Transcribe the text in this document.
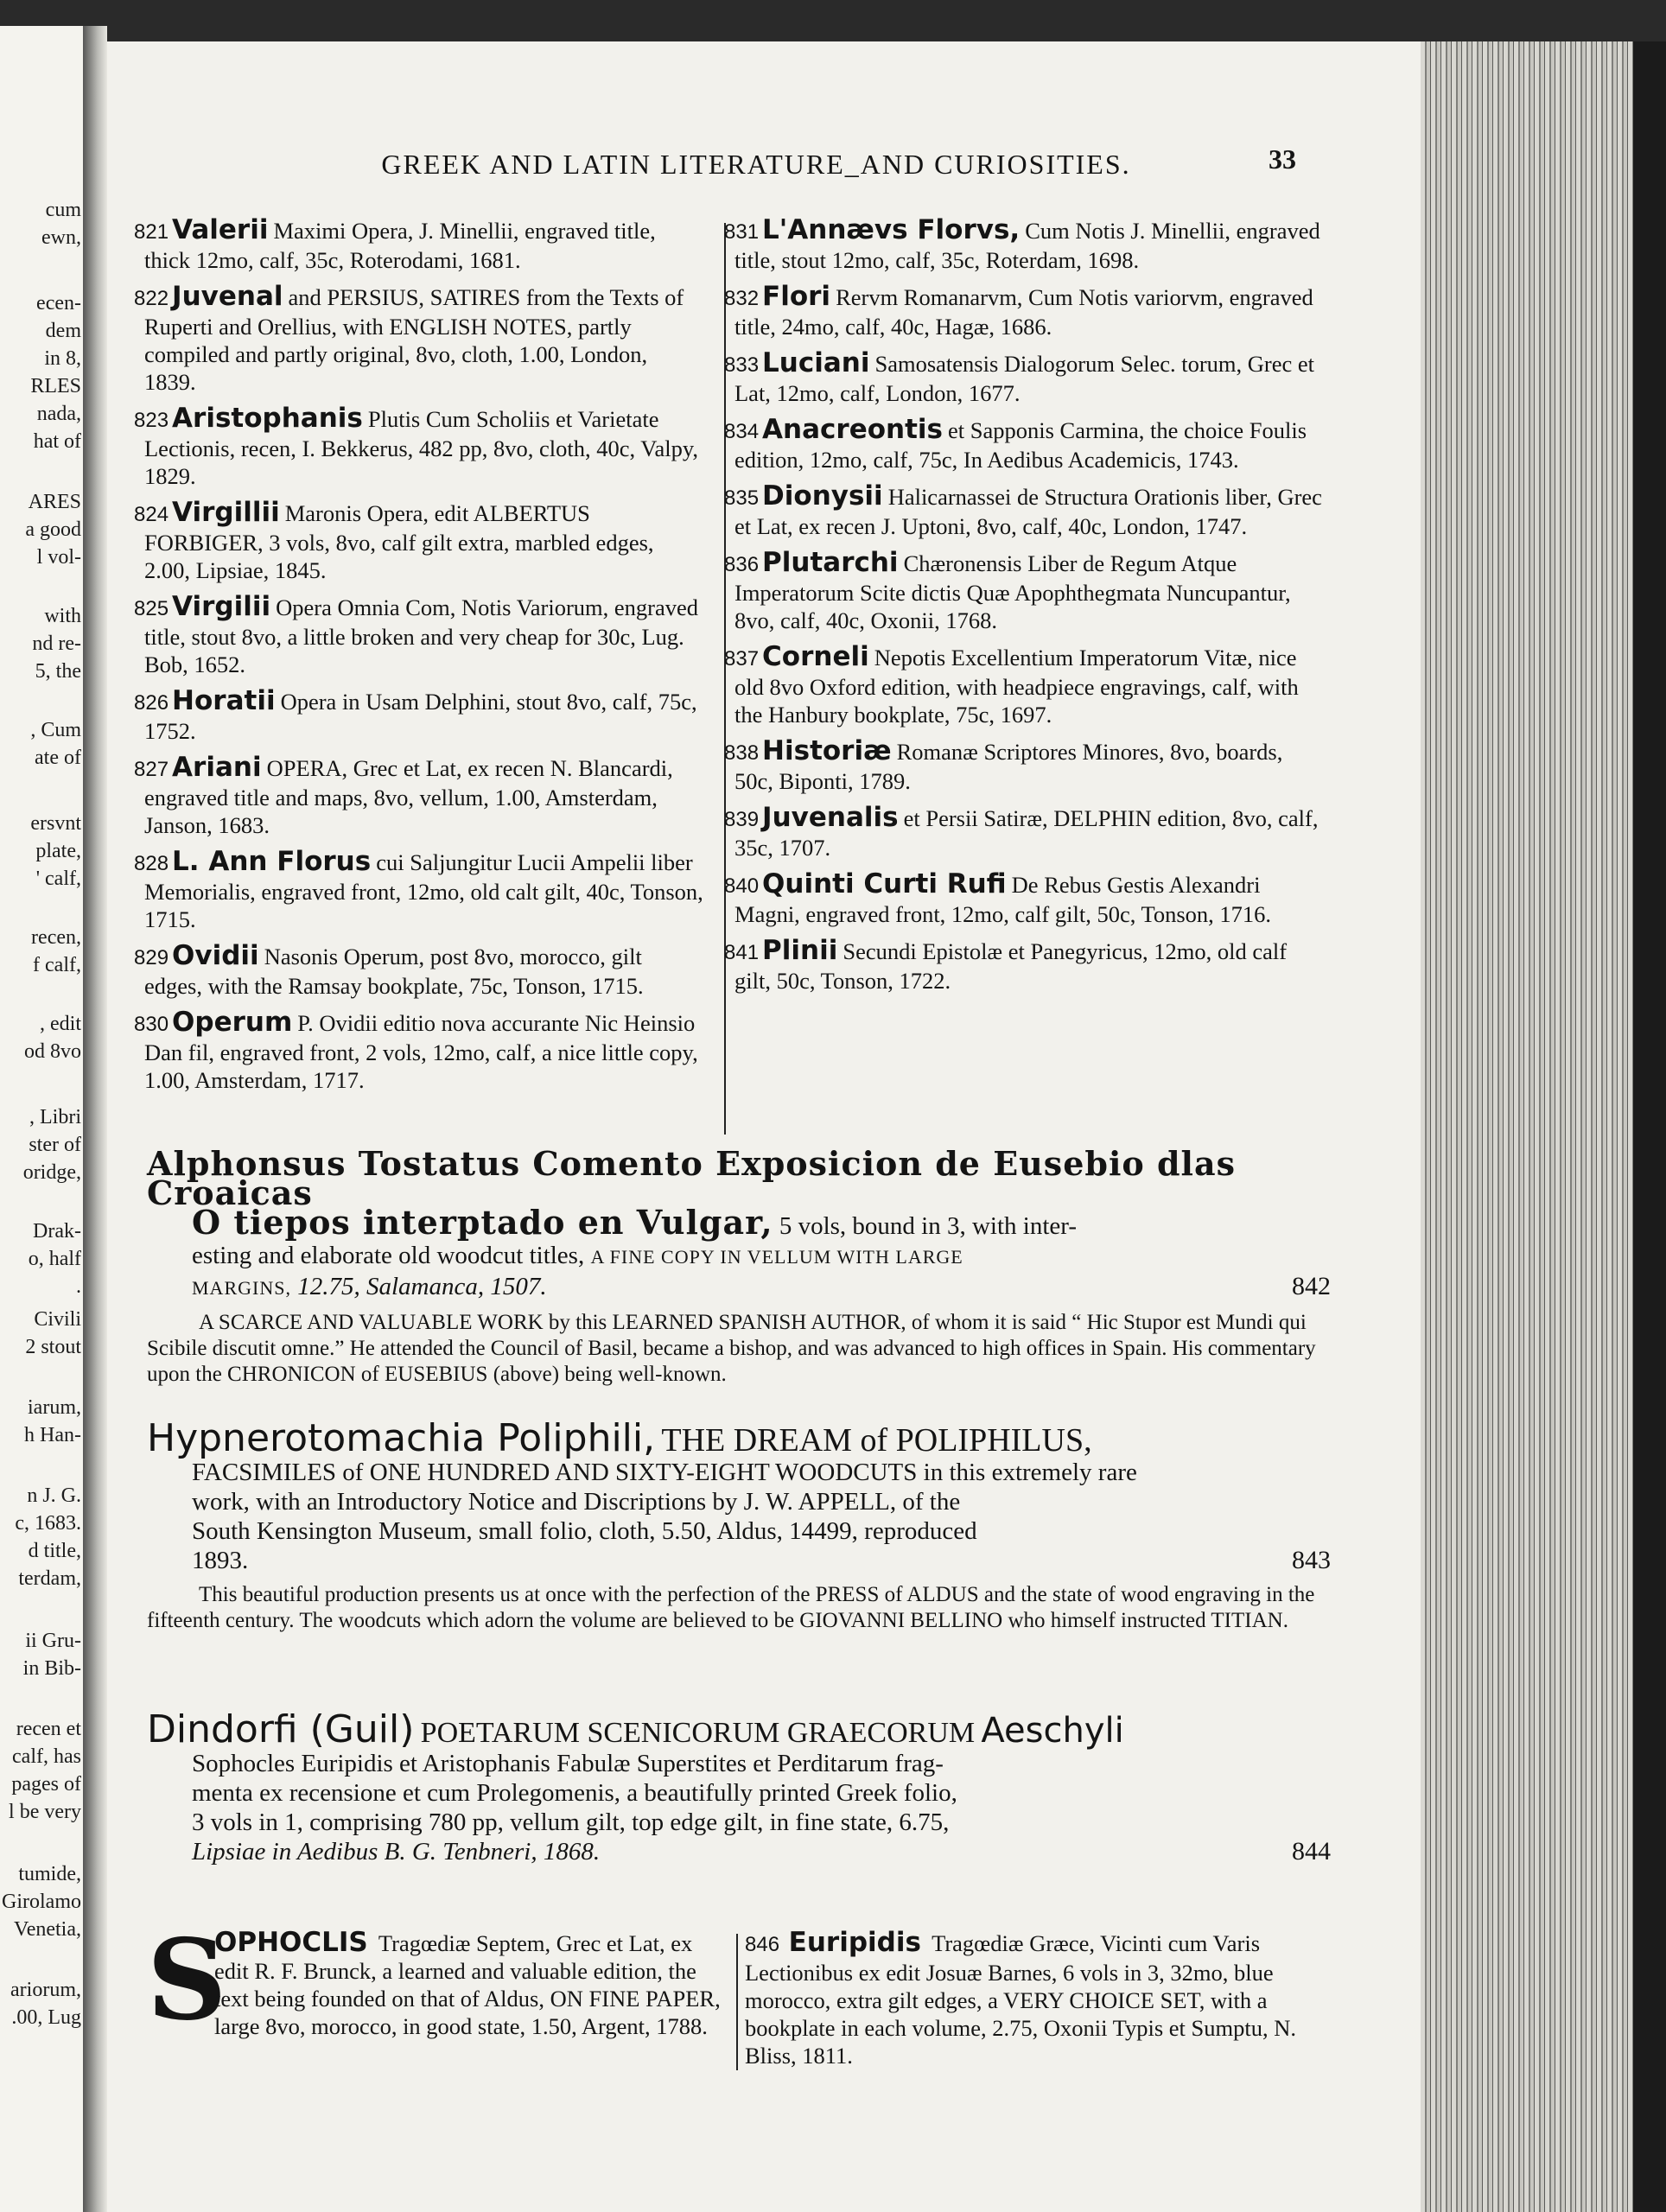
cum
ewn,
ecen-
dem
in 8,
RLES
nada,
hat of
ARES
a good
l vol-
with
nd re-
5, the
, Cum
ate of
ersvnt
plate,
' calf,
recen,
f calf,
, edit
od 8vo
, Libri
ster of
oridge,
Drak-
o, half
.
Civili
2 stout
iarum,
h Han-
n J. G.
c, 1683.
d title,
terdam,
ii Gru-
in Bib-
recen et
calf, has
pages of
l be very
tumide,
Girolamo
Venetia,
ariorum,
.00, Lug
GREEK AND LATIN LITERATURE_AND CURIOSITIES.	33
821 Valerii Maximi Opera, J. Minellii, engraved title, thick 12mo, calf, 35c, Roterodami, 1681.
822 Juvenal and PERSIUS, SATIRES from the Texts of Ruperti and Orellius, with ENGLISH NOTES, partly compiled and partly original, 8vo, cloth, 1.00, London, 1839.
823 Aristophanis Plutis Cum Scholiis et Varietate Lectionis, recen, I. Bekkerus, 482 pp, 8vo, cloth, 40c, Valpy, 1829.
824 Virgillii Maronis Opera, edit ALBERTUS FORBIGER, 3 vols, 8vo, calf gilt extra, marbled edges, 2.00, Lipsiae, 1845.
825 Virgilii Opera Omnia Com, Notis Variorum, engraved title, stout 8vo, a little broken and very cheap for 30c, Lug. Bob, 1652.
826 Horatii Opera in Usam Delphini, stout 8vo, calf, 75c, 1752.
827 Ariani OPERA, Grec et Lat, ex recen N. Blancardi, engraved title and maps, 8vo, vellum, 1.00, Amsterdam, Janson, 1683.
828 L. Ann Florus cui Saljungitur Lucii Ampelii liber Memorialis, engraved front, 12mo, old calt gilt, 40c, Tonson, 1715.
829 Ovidii Nasonis Operum, post 8vo, morocco, gilt edges, with the Ramsay bookplate, 75c, Tonson, 1715.
830 Operum P. Ovidii editio nova accurante Nic Heinsio Dan fil, engraved front, 2 vols, 12mo, calf, a nice little copy, 1.00, Amsterdam, 1717.
831 L'Annævs Florvs, Cum Notis J. Minellii, engraved title, stout 12mo, calf, 35c, Roterdam, 1698.
832 Flori Rervm Romanarvm, Cum Notis variorvm, engraved title, 24mo, calf, 40c, Hagæ, 1686.
833 Luciani Samosatensis Dialogorum Selec. torum, Grec et Lat, 12mo, calf, London, 1677.
834 Anacreontis et Sapponis Carmina, the choice Foulis edition, 12mo, calf, 75c, In Aedibus Academicis, 1743.
835 Dionysii Halicarnassei de Structura Orationis liber, Grec et Lat, ex recen J. Uptoni, 8vo, calf, 40c, London, 1747.
836 Plutarchi Chæronensis Liber de Regum Atque Imperatorum Scite dictis Quæ Apophthegmata Nuncupantur, 8vo, calf, 40c, Oxonii, 1768.
837 Corneli Nepotis Excellentium Imperatorum Vitæ, nice old 8vo Oxford edition, with headpiece engravings, calf, with the Hanbury bookplate, 75c, 1697.
838 Historiæ Romanæ Scriptores Minores, 8vo, boards, 50c, Biponti, 1789.
839 Juvenalis et Persii Satiræ, DELPHIN edition, 8vo, calf, 35c, 1707.
840 Quinti Curti Rufi De Rebus Gestis Alexandri Magni, engraved front, 12mo, calf gilt, 50c, Tonson, 1716.
841 Plinii Secundi Epistolæ et Panegyricus, 12mo, old calf gilt, 50c, Tonson, 1722.
Alphonsus Tostatus Comento Exposicion de Eusebio dlas Croaicas
O tiepos interptado en Vulgar, 5 vols, bound in 3, with inter-
esting and elaborate old woodcut titles, A FINE COPY IN VELLUM WITH LARGE
MARGINS, 12.75, Salamanca, 1507.	842
A SCARCE AND VALUABLE WORK by this LEARNED SPANISH AUTHOR, of whom it is said “ Hic Stupor est Mundi qui Scibile discutit omne.” He attended the Council of Basil, became a bishop, and was advanced to high offices in Spain. His commentary upon the CHRONICON of EUSEBIUS (above) being well-known.
Hypnerotomachia Poliphili, THE DREAM of POLIPHILUS,
FACSIMILES of ONE HUNDRED AND SIXTY-EIGHT WOODCUTS in this extremely rare
work, with an Introductory Notice and Discriptions by J. W. APPELL, of the
South Kensington Museum, small folio, cloth, 5.50, Aldus, 14499, reproduced
1893.	843
This beautiful production presents us at once with the perfection of the PRESS of ALDUS and the state of wood engraving in the fifteenth century. The woodcuts which adorn the volume are believed to be GIOVANNI BELLINO who himself instructed TITIAN.
Dindorfi (Guil) POETARUM SCENICORUM GRAECORUM Aeschyli
Sophocles Euripidis et Aristophanis Fabulæ Superstites et Perditarum frag-
menta ex recensione et cum Prolegomenis, a beautifully printed Greek folio,
3 vols in 1, comprising 780 pp, vellum gilt, top edge gilt, in fine state, 6.75,
Lipsiae in Aedibus B. G. Tenbneri, 1868.	844
S
OPHOCLIS Tragœdiæ Septem, Grec et Lat, ex edit R. F. Brunck, a learned and valuable edition, the text being founded on that of Aldus, ON FINE PAPER, large 8vo, morocco, in good state, 1.50, Argent, 1788.
846 Euripidis Tragœdiæ Græce, Vicinti cum Varis Lectionibus ex edit Josuæ Barnes, 6 vols in 3, 32mo, blue morocco, extra gilt edges, a VERY CHOICE SET, with a bookplate in each volume, 2.75, Oxonii Typis et Sumptu, N. Bliss, 1811.
